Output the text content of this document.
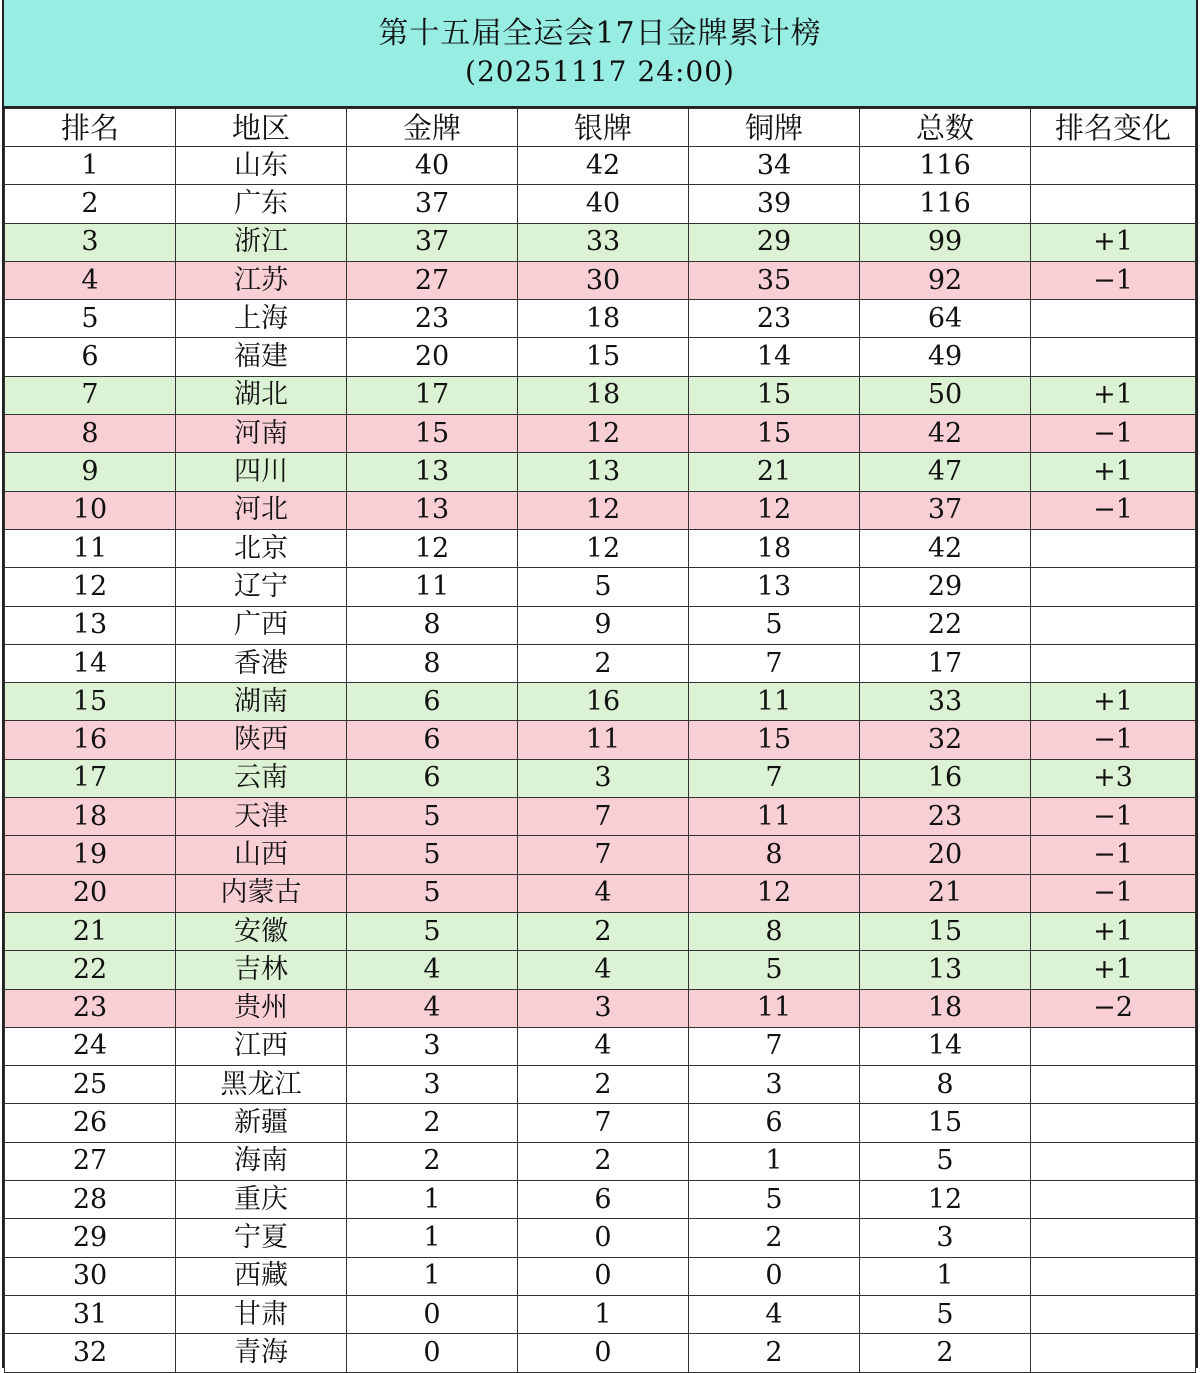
第十五届全运会17日金牌累计榜
(20251117 24:00)
排名	地区	金牌	银牌	铜牌	总数	排名变化
1	山东	40	42	34	116	
2	广东	37	40	39	116	
3	浙江	37	33	29	99	+1
4	江苏	27	30	35	92	−1
5	上海	23	18	23	64	
6	福建	20	15	14	49	
7	湖北	17	18	15	50	+1
8	河南	15	12	15	42	−1
9	四川	13	13	21	47	+1
10	河北	13	12	12	37	−1
11	北京	12	12	18	42	
12	辽宁	11	5	13	29	
13	广西	8	9	5	22	
14	香港	8	2	7	17	
15	湖南	6	16	11	33	+1
16	陕西	6	11	15	32	−1
17	云南	6	3	7	16	+3
18	天津	5	7	11	23	−1
19	山西	5	7	8	20	−1
20	内蒙古	5	4	12	21	−1
21	安徽	5	2	8	15	+1
22	吉林	4	4	5	13	+1
23	贵州	4	3	11	18	−2
24	江西	3	4	7	14	
25	黑龙江	3	2	3	8	
26	新疆	2	7	6	15	
27	海南	2	2	1	5	
28	重庆	1	6	5	12	
29	宁夏	1	0	2	3	
30	西藏	1	0	0	1	
31	甘肃	0	1	4	5	
32	青海	0	0	2	2	
